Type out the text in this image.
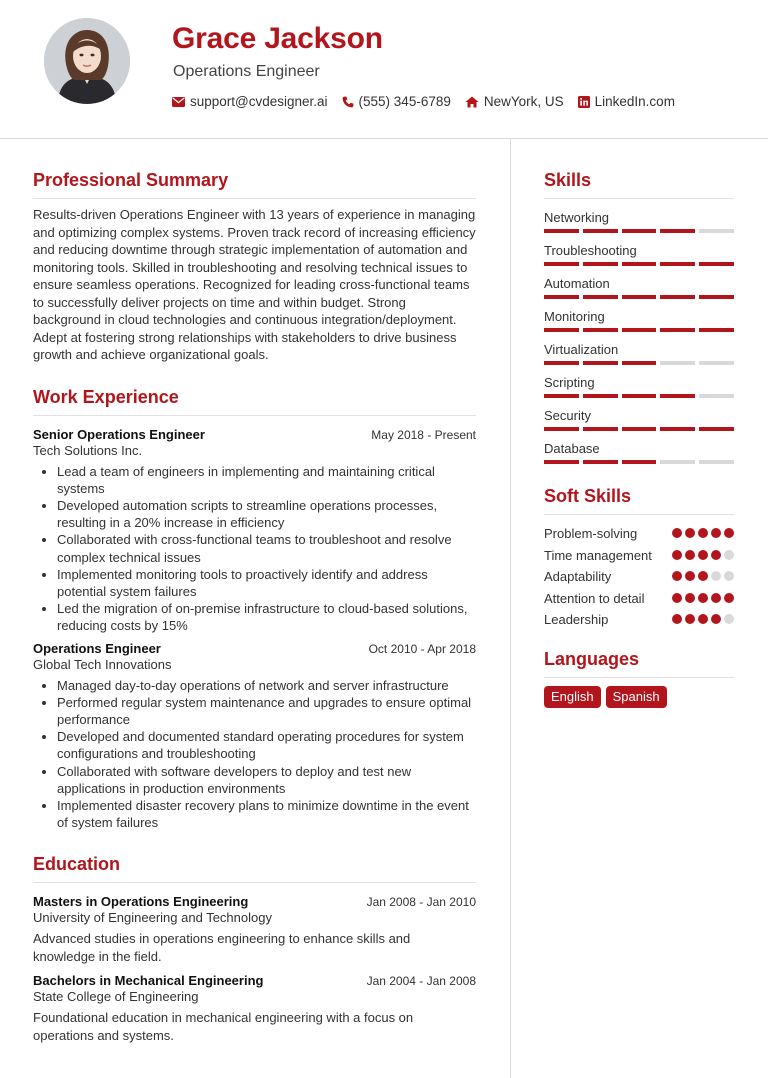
Grace Jackson
Operations Engineer
support@cvdesigner.ai (555) 345-6789 NewYork, US LinkedIn.com
Professional Summary

Results-driven Operations Engineer with 13 years of experience in managing and optimizing complex systems. Proven track record of increasing efficiency and reducing downtime through strategic implementation of automation and monitoring tools. Skilled in troubleshooting and resolving technical issues to ensure seamless operations. Recognized for leading cross-functional teams to successfully deliver projects on time and within budget. Strong background in cloud technologies and continuous integration/deployment. Adept at fostering strong relationships with stakeholders to drive business growth and achieve organizational goals.

Work Experience
Senior Operations Engineer	May 2018 - Present
Tech Solutions Inc.
• Lead a team of engineers in implementing and maintaining critical systems
• Developed automation scripts to streamline operations processes, resulting in a 20% increase in efficiency
• Collaborated with cross-functional teams to troubleshoot and resolve complex technical issues
• Implemented monitoring tools to proactively identify and address potential system failures
• Led the migration of on-premise infrastructure to cloud-based solutions, reducing costs by 15%
Operations Engineer	Oct 2010 - Apr 2018
Global Tech Innovations
• Managed day-to-day operations of network and server infrastructure
• Performed regular system maintenance and upgrades to ensure optimal performance
• Developed and documented standard operating procedures for system configurations and troubleshooting
• Collaborated with software developers to deploy and test new applications in production environments
• Implemented disaster recovery plans to minimize downtime in the event of system failures
Education
Masters in Operations Engineering	Jan 2008 - Jan 2010
University of Engineering and Technology

Advanced studies in operations engineering to enhance skills and knowledge in the field.

Bachelors in Mechanical Engineering	Jan 2004 - Jan 2008
State College of Engineering

Foundational education in mechanical engineering with a focus on operations and systems.

Skills
Networking
Troubleshooting
Automation
Monitoring
Virtualization
Scripting
Security
Database
Soft Skills
Problem-solving
Time management
Adaptability
Attention to detail
Leadership
Languages
English	Spanish
